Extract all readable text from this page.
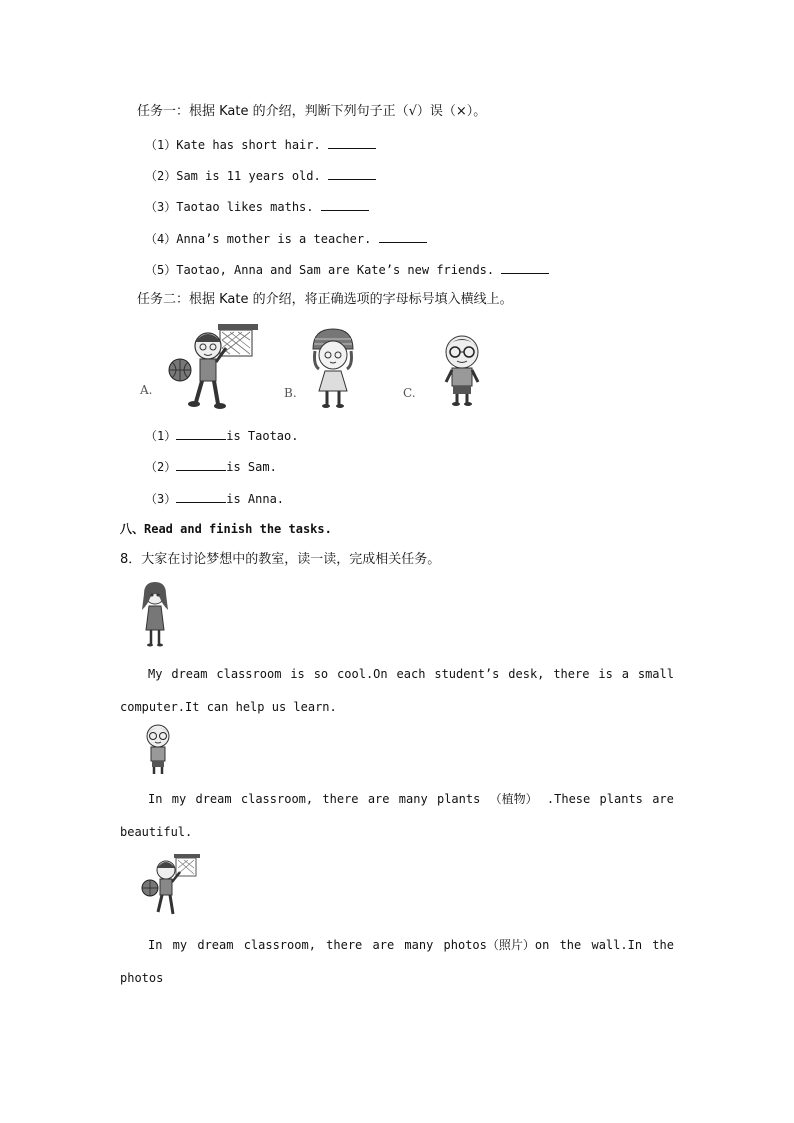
任务一：根据 Kate 的介绍，判断下列句子正（√）误（×）。
（1）Kate has short hair.
（2）Sam is 11 years old.
（3）Taotao likes maths.
（4）Anna’s mother is a teacher.
（5）Taotao, Anna and Sam are Kate’s new friends.
任务二：根据 Kate 的介绍，将正确选项的字母标号填入横线上。
A.	B.	C.
（1）	is Taotao.
（2）	is Sam.
（3）	is Anna.
八、Read and finish the tasks.
8．大家在讨论梦想中的教室，读一读，完成相关任务。
My dream classroom is so cool.On each student’s desk, there is a small
computer.It can help us learn.
In my dream classroom, there are many plants （植物） .These plants are
beautiful.
In my dream classroom, there are many photos（照片）on the wall.In the
photos
